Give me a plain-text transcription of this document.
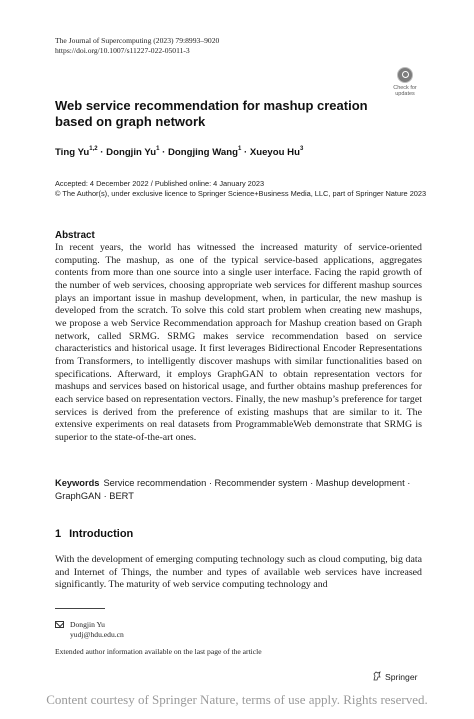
The Journal of Supercomputing (2023) 79:8993–9020
https://doi.org/10.1007/s11227-022-05011-3
Check for
updates
Web service recommendation for mashup creation based on graph network
Ting Yu$^{1,2}$ · Dongjin $Yu^1$ · Dongjing Wang$^1$ · Xueyou Hu$^3$
Accepted: 4 December 2022 / Published online: 4 January 2023
© The Author(s), under exclusive licence to Springer Science+Business Media, LLC, part of Springer Nature 2023
Abstract
In recent years, the world has witnessed the increased maturity of service-oriented computing. The mashup, as one of the typical service-based applications, aggregates contents from more than one source into a single user interface. Facing the rapid growth of the number of web services, choosing appropriate web services for different mashup sources plays an important issue in mashup development, when, in particular, the new mashup is developed from the scratch. To solve this cold start problem when creating new mashups, we propose a web Service Recommendation approach for Mashup creation based on Graph network, called SRMG. SRMG makes service recommendation based on service characteristics and historical usage. It first leverages Bidirectional Encoder Representations from Transformers, to intelligently discover mashups with similar functionalities based on specifications. Afterward, it employs GraphGAN to obtain representation vectors for mashups and services based on historical usage, and further obtains mashup preferences for each service based on representation vectors. Finally, the new mashup’s preference for target services is derived from the preference of existing mashups that are similar to it. The extensive experiments on real datasets from ProgrammableWeb demonstrate that SRMG is superior to the state-of-the-art ones.
Keywords Service recommendation · Recommender system · Mashup development · GraphGAN · BERT
1 Introduction
With the development of emerging computing technology such as cloud computing, big data and Internet of Things, the number and types of available web services have increased significantly. The maturity of web service computing technology and
Dongjin Yu
yudj@hdu.edu.cn
Extended author information available on the last page of the article
Springer
Content courtesy of Springer Nature, terms of use apply. Rights reserved.
